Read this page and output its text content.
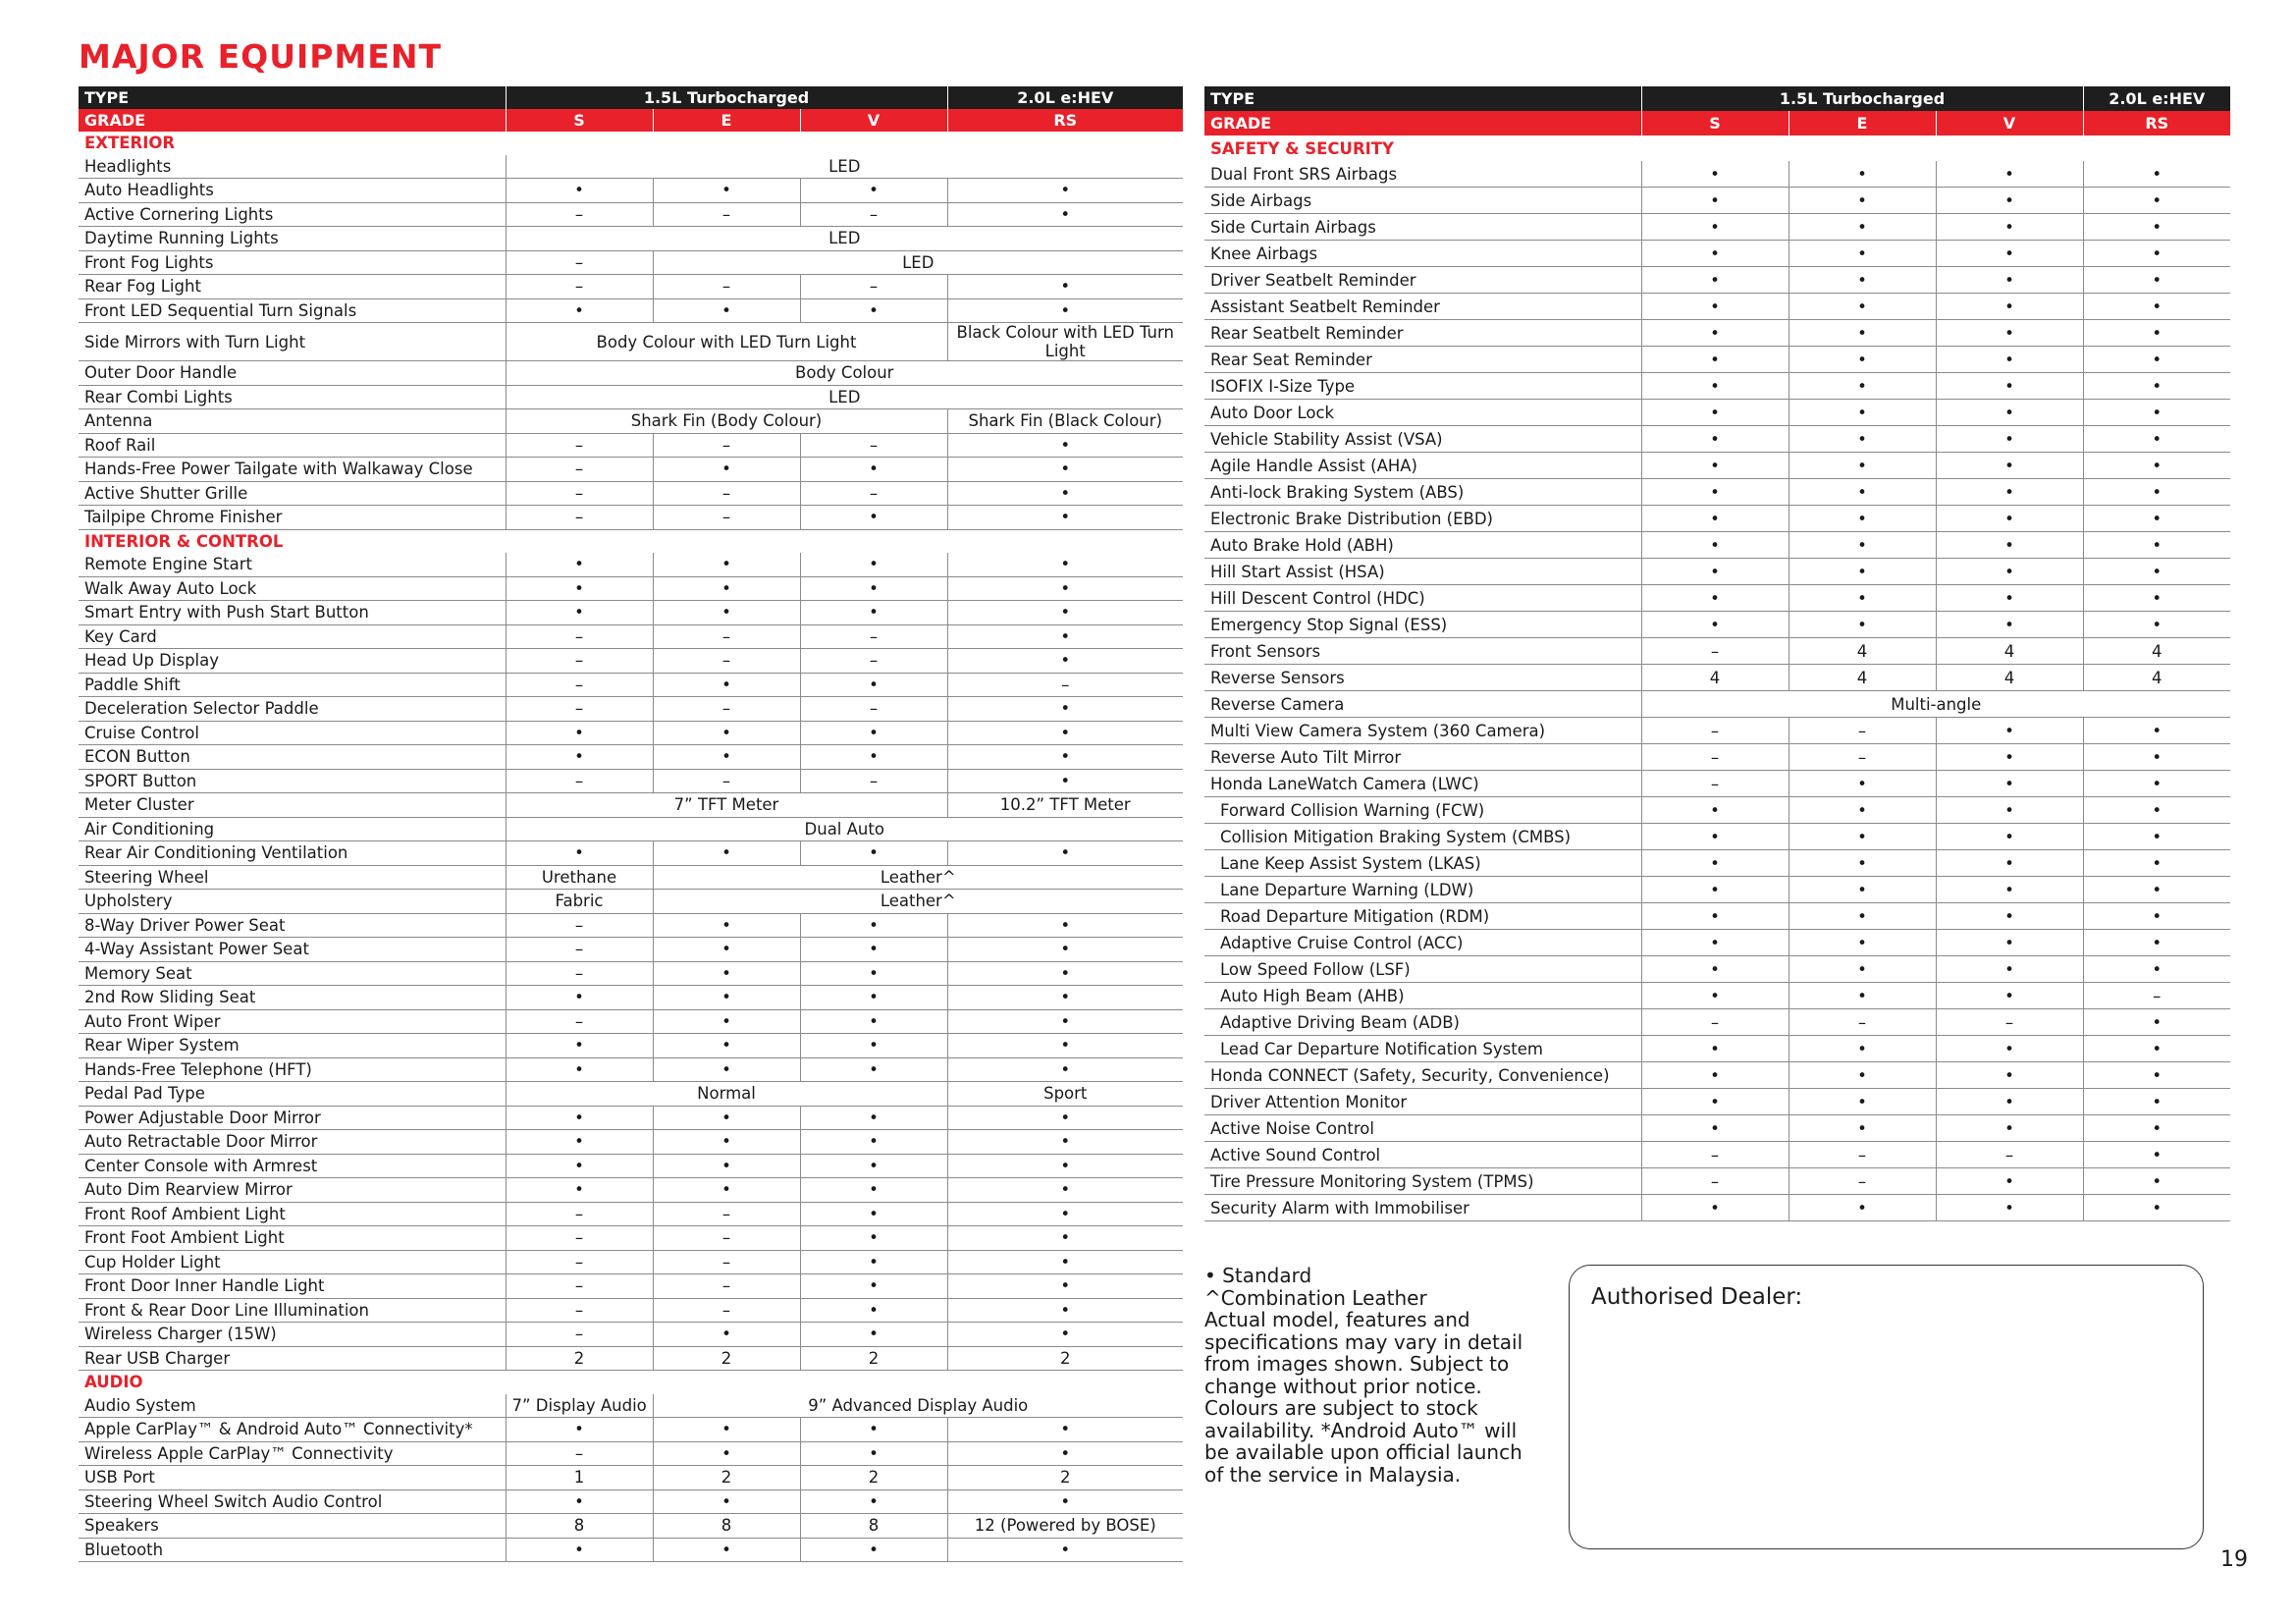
MAJOR EQUIPMENT
TYPE	1.5L Turbocharged			2.0L e:HEV
GRADE	S	E	V	RS
EXTERIOR				
Headlights	LED			
Auto Headlights	•	•	•	•
Active Cornering Lights	–	–	–	•
Daytime Running Lights	LED			
Front Fog Lights	–	LED		
Rear Fog Light	–	–	–	•
Front LED Sequential Turn Signals	•	•	•	•
Side Mirrors with Turn Light	Body Colour with LED Turn Light			Black Colour with LED Turn Light
Outer Door Handle	Body Colour			
Rear Combi Lights	LED			
Antenna	Shark Fin (Body Colour)			Shark Fin (Black Colour)
Roof Rail	–	–	–	•
Hands-Free Power Tailgate with Walkaway Close	–	•	•	•
Active Shutter Grille	–	–	–	•
Tailpipe Chrome Finisher	–	–	•	•
INTERIOR & CONTROL				
Remote Engine Start	•	•	•	•
Walk Away Auto Lock	•	•	•	•
Smart Entry with Push Start Button	•	•	•	•
Key Card	–	–	–	•
Head Up Display	–	–	–	•
Paddle Shift	–	•	•	–
Deceleration Selector Paddle	–	–	–	•
Cruise Control	•	•	•	•
ECON Button	•	•	•	•
SPORT Button	–	–	–	•
Meter Cluster	7” TFT Meter			10.2” TFT Meter
Air Conditioning	Dual Auto			
Rear Air Conditioning Ventilation	•	•	•	•
Steering Wheel	Urethane	Leather^		
Upholstery	Fabric	Leather^		
8-Way Driver Power Seat	–	•	•	•
4-Way Assistant Power Seat	–	•	•	•
Memory Seat	–	•	•	•
2nd Row Sliding Seat	•	•	•	•
Auto Front Wiper	–	•	•	•
Rear Wiper System	•	•	•	•
Hands-Free Telephone (HFT)	•	•	•	•
Pedal Pad Type	Normal			Sport
Power Adjustable Door Mirror	•	•	•	•
Auto Retractable Door Mirror	•	•	•	•
Center Console with Armrest	•	•	•	•
Auto Dim Rearview Mirror	•	•	•	•
Front Roof Ambient Light	–	–	•	•
Front Foot Ambient Light	–	–	•	•
Cup Holder Light	–	–	•	•
Front Door Inner Handle Light	–	–	•	•
Front & Rear Door Line Illumination	–	–	•	•
Wireless Charger (15W)	–	•	•	•
Rear USB Charger	2	2	2	2
AUDIO				
Audio System	7” Display Audio	9” Advanced Display Audio		
Apple CarPlay™ & Android Auto™ Connectivity*	•	•	•	•
Wireless Apple CarPlay™ Connectivity	–	•	•	•
USB Port	1	2	2	2
Steering Wheel Switch Audio Control	•	•	•	•
Speakers	8	8	8	12 (Powered by BOSE)
Bluetooth	•	•	•	•
TYPE	1.5L Turbocharged			2.0L e:HEV
GRADE	S	E	V	RS
SAFETY & SECURITY				
Dual Front SRS Airbags	•	•	•	•
Side Airbags	•	•	•	•
Side Curtain Airbags	•	•	•	•
Knee Airbags	•	•	•	•
Driver Seatbelt Reminder	•	•	•	•
Assistant Seatbelt Reminder	•	•	•	•
Rear Seatbelt Reminder	•	•	•	•
Rear Seat Reminder	•	•	•	•
ISOFIX I-Size Type	•	•	•	•
Auto Door Lock	•	•	•	•
Vehicle Stability Assist (VSA)	•	•	•	•
Agile Handle Assist (AHA)	•	•	•	•
Anti-lock Braking System (ABS)	•	•	•	•
Electronic Brake Distribution (EBD)	•	•	•	•
Auto Brake Hold (ABH)	•	•	•	•
Hill Start Assist (HSA)	•	•	•	•
Hill Descent Control (HDC)	•	•	•	•
Emergency Stop Signal (ESS)	•	•	•	•
Front Sensors	–	4	4	4
Reverse Sensors	4	4	4	4
Reverse Camera	Multi-angle			
Multi View Camera System (360 Camera)	–	–	•	•
Reverse Auto Tilt Mirror	–	–	•	•
Honda LaneWatch Camera (LWC)	–	•	•	•
Forward Collision Warning (FCW)	•	•	•	•
Collision Mitigation Braking System (CMBS)	•	•	•	•
Lane Keep Assist System (LKAS)	•	•	•	•
Lane Departure Warning (LDW)	•	•	•	•
Road Departure Mitigation (RDM)	•	•	•	•
Adaptive Cruise Control (ACC)	•	•	•	•
Low Speed Follow (LSF)	•	•	•	•
Auto High Beam (AHB)	•	•	•	–
Adaptive Driving Beam (ADB)	–	–	–	•
Lead Car Departure Notification System	•	•	•	•
Honda CONNECT (Safety, Security, Convenience)	•	•	•	•
Driver Attention Monitor	•	•	•	•
Active Noise Control	•	•	•	•
Active Sound Control	–	–	–	•
Tire Pressure Monitoring System (TPMS)	–	–	•	•
Security Alarm with Immobiliser	•	•	•	•

• Standard

^Combination Leather

Actual model, features and specifications may vary in detail from images shown. Subject to change without prior notice. Colours are subject to stock availability. *Android Auto™ will be available upon official launch of the service in Malaysia.

Authorised Dealer:
19
